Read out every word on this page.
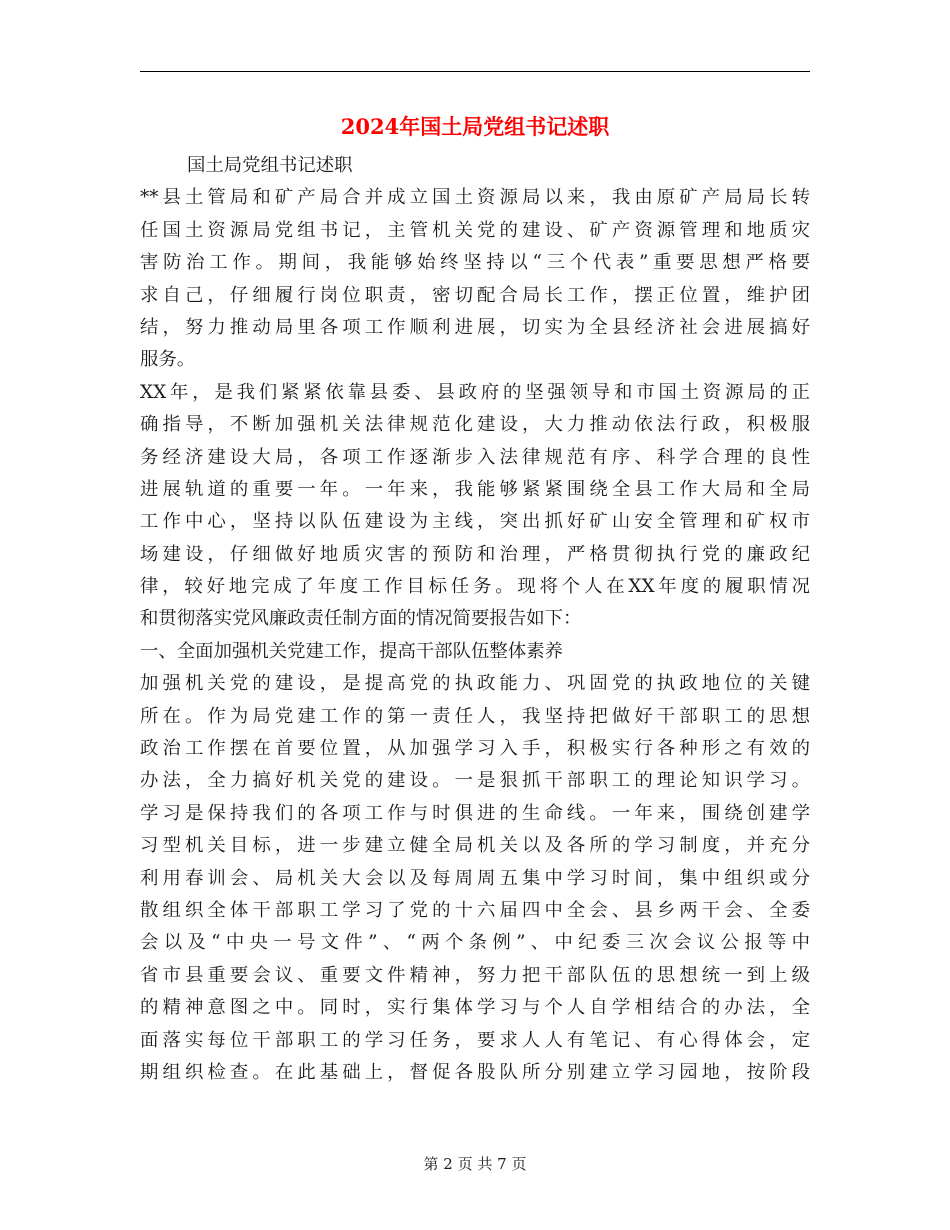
2024年国土局党组书记述职
国土局党组书记述职
**县土管局和矿产局合并成立国土资源局以来，我由原矿产局局长转
任国土资源局党组书记，主管机关党的建设、矿产资源管理和地质灾
害防治工作。期间，我能够始终坚持以“三个代表”重要思想严格要
求自己，仔细履行岗位职责，密切配合局长工作，摆正位置，维护团
结，努力推动局里各项工作顺利进展，切实为全县经济社会进展搞好
服务。
XX年，是我们紧紧依靠县委、县政府的坚强领导和市国土资源局的正
确指导，不断加强机关法律规范化建设，大力推动依法行政，积极服
务经济建设大局，各项工作逐渐步入法律规范有序、科学合理的良性
进展轨道的重要一年。一年来，我能够紧紧围绕全县工作大局和全局
工作中心，坚持以队伍建设为主线，突出抓好矿山安全管理和矿权市
场建设，仔细做好地质灾害的预防和治理，严格贯彻执行党的廉政纪
律，较好地完成了年度工作目标任务。现将个人在XX年度的履职情况
和贯彻落实党风廉政责任制方面的情况简要报告如下：
一、全面加强机关党建工作，提高干部队伍整体素养
加强机关党的建设，是提高党的执政能力、巩固党的执政地位的关键
所在。作为局党建工作的第一责任人，我坚持把做好干部职工的思想
政治工作摆在首要位置，从加强学习入手，积极实行各种形之有效的
办法，全力搞好机关党的建设。一是狠抓干部职工的理论知识学习。
学习是保持我们的各项工作与时俱进的生命线。一年来，围绕创建学
习型机关目标，进一步建立健全局机关以及各所的学习制度，并充分
利用春训会、局机关大会以及每周周五集中学习时间，集中组织或分
散组织全体干部职工学习了党的十六届四中全会、县乡两干会、全委
会以及“中央一号文件”、“两个条例”、中纪委三次会议公报等中
省市县重要会议、重要文件精神，努力把干部队伍的思想统一到上级
的精神意图之中。同时，实行集体学习与个人自学相结合的办法，全
面落实每位干部职工的学习任务，要求人人有笔记、有心得体会，定
期组织检查。在此基础上，督促各股队所分别建立学习园地，按阶段
第 2 页 共 7 页
